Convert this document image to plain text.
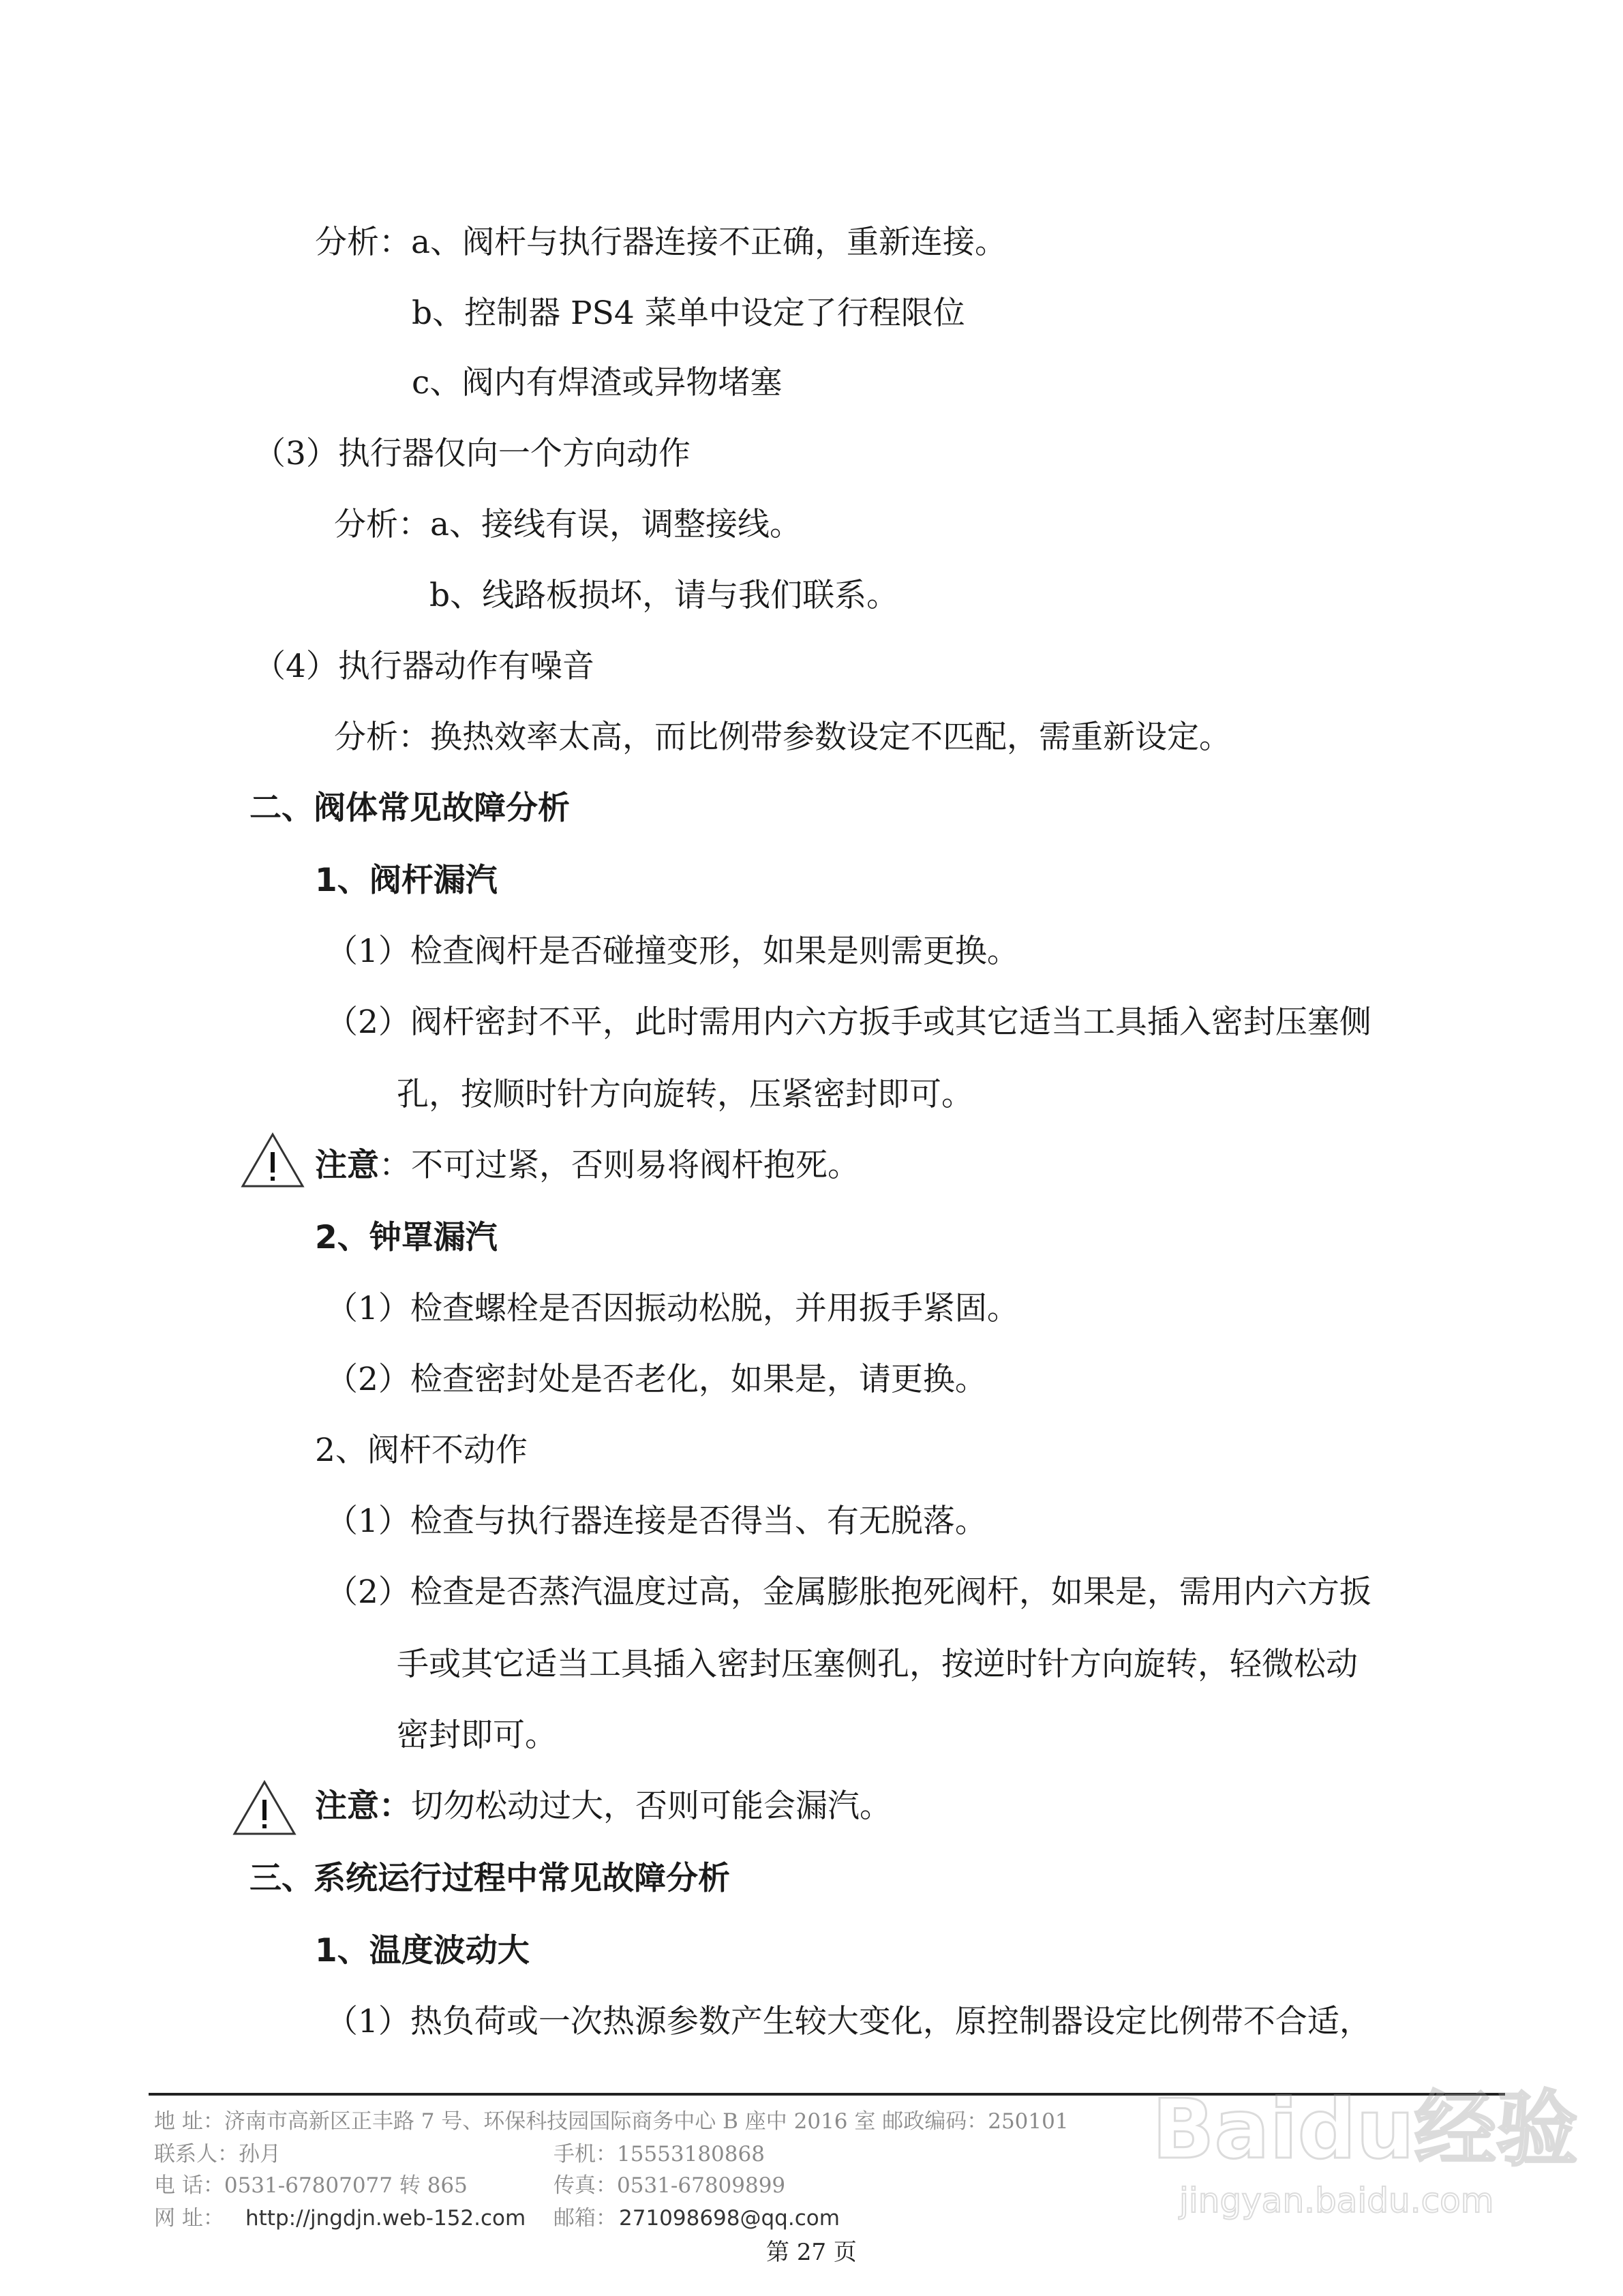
分析：a、阀杆与执行器连接不正确，重新连接。
b、控制器 PS4 菜单中设定了行程限位
c、阀内有焊渣或异物堵塞
（3）执行器仅向一个方向动作
分析：a、接线有误，调整接线。
b、线路板损坏，请与我们联系。
（4）执行器动作有噪音
分析：换热效率太高，而比例带参数设定不匹配，需重新设定。
二、阀体常见故障分析
1、阀杆漏汽
（1）检查阀杆是否碰撞变形，如果是则需更换。
（2）阀杆密封不平，此时需用内六方扳手或其它适当工具插入密封压塞侧
孔，按顺时针方向旋转，压紧密封即可。
注意：不可过紧，否则易将阀杆抱死。
2、钟罩漏汽
（1）检查螺栓是否因振动松脱，并用扳手紧固。
（2）检查密封处是否老化，如果是，请更换。
2、阀杆不动作
（1）检查与执行器连接是否得当、有无脱落。
（2）检查是否蒸汽温度过高，金属膨胀抱死阀杆，如果是，需用内六方扳
手或其它适当工具插入密封压塞侧孔，按逆时针方向旋转，轻微松动
密封即可。
注意：切勿松动过大，否则可能会漏汽。
三、系统运行过程中常见故障分析
1、温度波动大
（1）热负荷或一次热源参数产生较大变化，原控制器设定比例带不合适，
地 址：济南市高新区正丰路 7 号、环保科技园国际商务中心 B 座中 2016 室 邮政编码：250101
联系人：孙月	手机：15553180868
电 话：0531-67807077 转 865	传真：0531-67809899
网 址： http://jngdjn.web-152.com 邮箱： 271098698@qq.com
第 27 页
Baidu经验
jingyan.baidu.com
